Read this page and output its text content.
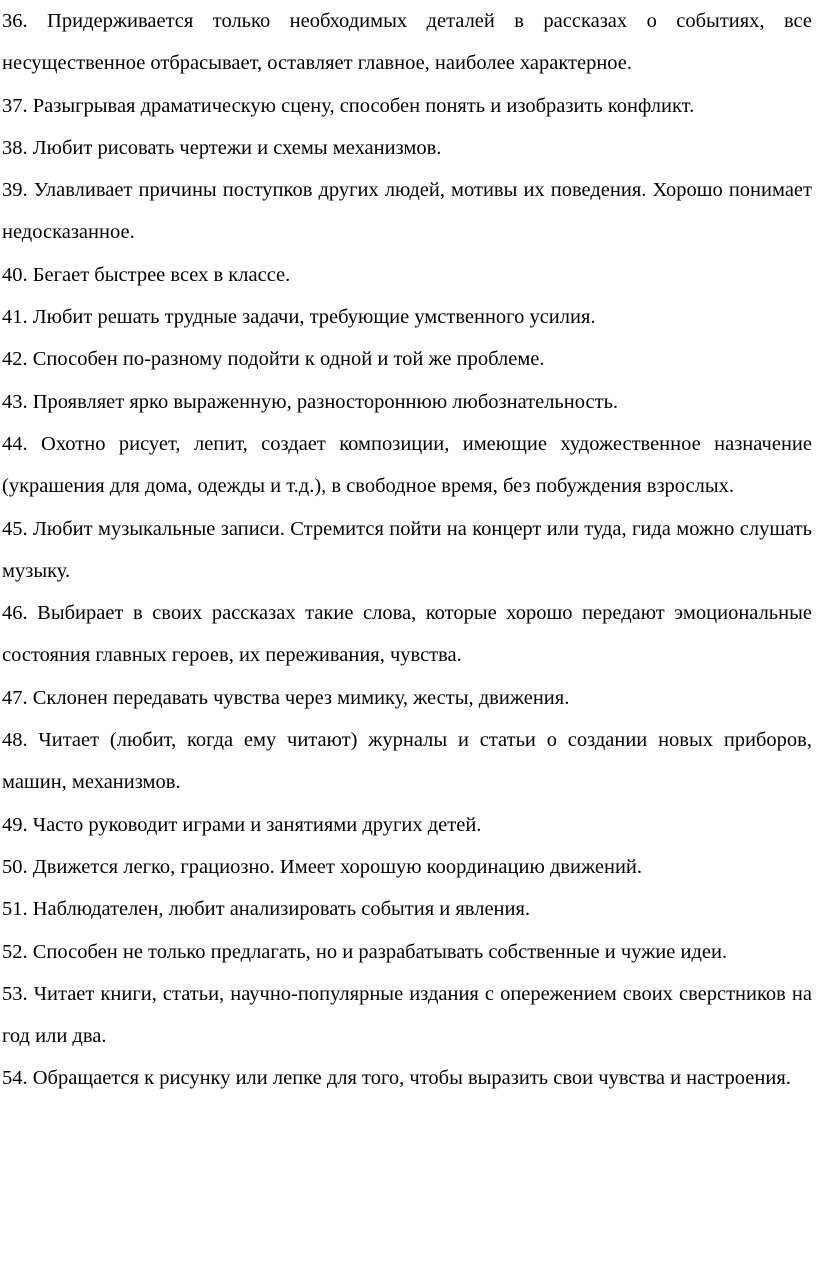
36. Придерживается только необходимых деталей в рассказах о событиях, все несущественное отбрасывает, оставляет главное, наиболее характерное.

37. Разыгрывая драматическую сцену, способен понять и изобразить конфликт.

38. Любит рисовать чертежи и схемы механизмов.

39. Улавливает причины поступков других людей, мотивы их поведения. Хорошо понимает недосказанное.

40. Бегает быстрее всех в классе.

41. Любит решать трудные задачи, требующие умственного усилия.

42. Способен по-разному подойти к одной и той же проблеме.

43. Проявляет ярко выраженную, разностороннюю любознательность.

44. Охотно рисует, лепит, создает композиции, имеющие художественное назначение (украшения для дома, одежды и т.д.), в свободное время, без побуждения взрослых.

45. Любит музыкальные записи. Стремится пойти на концерт или туда, гида можно слушать музыку.

46. Выбирает в своих рассказах такие слова, которые хорошо передают эмоциональные состояния главных героев, их переживания, чувства.

47. Склонен передавать чувства через мимику, жесты, движения.

48. Читает (любит, когда ему читают) журналы и статьи о создании новых приборов, машин, механизмов.

49. Часто руководит играми и занятиями других детей.

50. Движется легко, грациозно. Имеет хорошую координацию движений.

51. Наблюдателен, любит анализировать события и явления.

52. Способен не только предлагать, но и разрабатывать собственные и чужие идеи.

53. Читает книги, статьи, научно-популярные издания с опережением своих сверстников на год или два.

54. Обращается к рисунку или лепке для того, чтобы выразить свои чувства и настроения.
